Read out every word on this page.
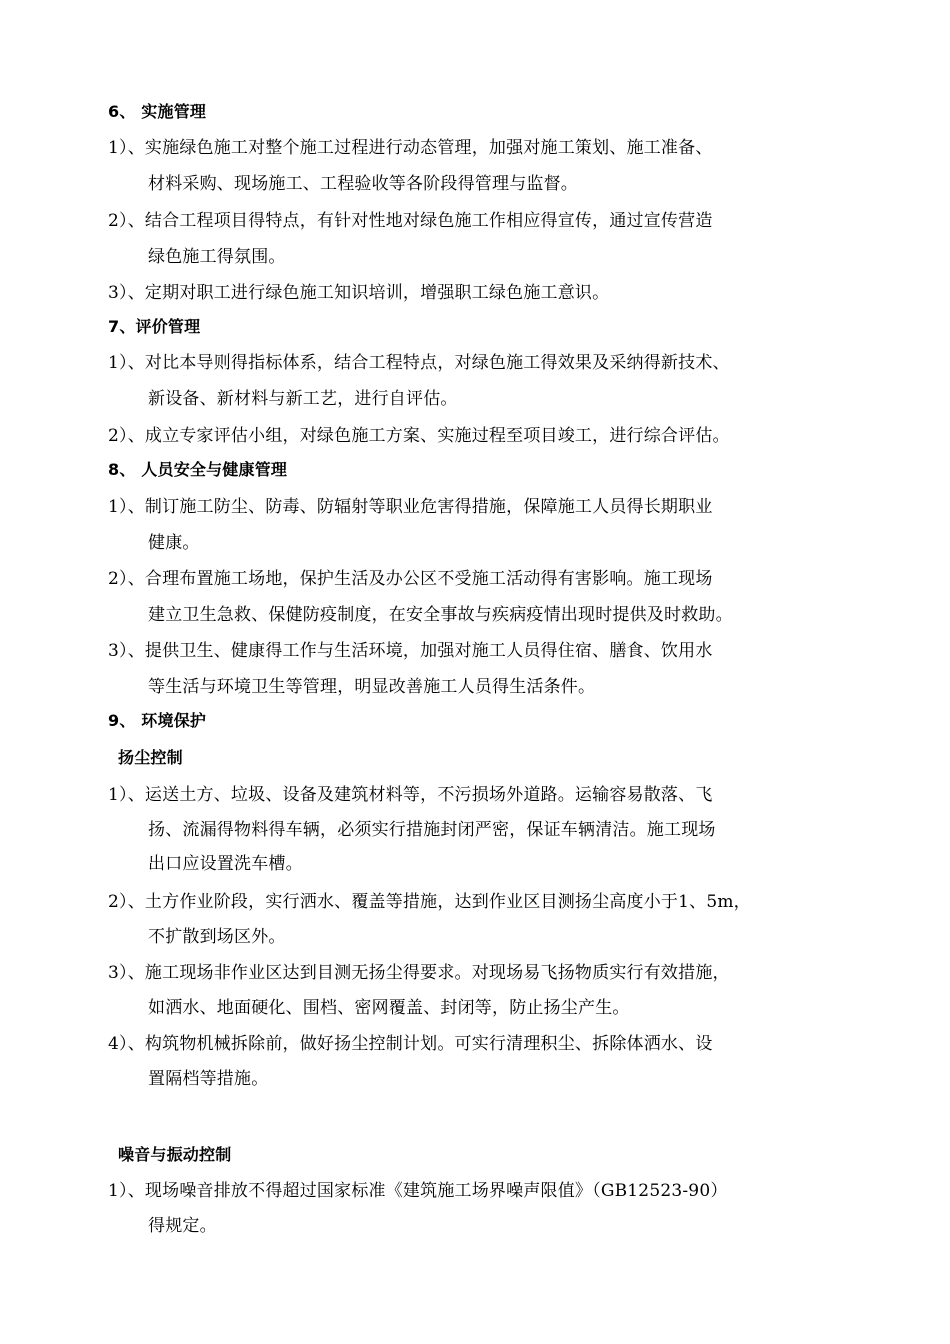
6、 实施管理
1）、实施绿色施工对整个施工过程进行动态管理，加强对施工策划、施工准备、
材料采购、现场施工、工程验收等各阶段得管理与监督。
2）、结合工程项目得特点，有针对性地对绿色施工作相应得宣传，通过宣传营造
绿色施工得氛围。
3）、定期对职工进行绿色施工知识培训，增强职工绿色施工意识。
7、评价管理
1）、对比本导则得指标体系，结合工程特点，对绿色施工得效果及采纳得新技术、
新设备、新材料与新工艺，进行自评估。
2）、成立专家评估小组，对绿色施工方案、实施过程至项目竣工，进行综合评估。
8、 人员安全与健康管理
1）、制订施工防尘、防毒、防辐射等职业危害得措施，保障施工人员得长期职业
健康。
2）、合理布置施工场地，保护生活及办公区不受施工活动得有害影响。施工现场
建立卫生急救、保健防疫制度，在安全事故与疾病疫情出现时提供及时救助。
3）、提供卫生、健康得工作与生活环境，加强对施工人员得住宿、膳食、饮用水
等生活与环境卫生等管理，明显改善施工人员得生活条件。
9、 环境保护
扬尘控制
1）、运送土方、垃圾、设备及建筑材料等，不污损场外道路。运输容易散落、飞
扬、流漏得物料得车辆，必须实行措施封闭严密，保证车辆清洁。施工现场
出口应设置洗车槽。
2）、土方作业阶段，实行洒水、覆盖等措施，达到作业区目测扬尘高度小于1、5m，
不扩散到场区外。
3）、施工现场非作业区达到目测无扬尘得要求。对现场易飞扬物质实行有效措施，
如洒水、地面硬化、围档、密网覆盖、封闭等，防止扬尘产生。
4）、构筑物机械拆除前，做好扬尘控制计划。可实行清理积尘、拆除体洒水、设
置隔档等措施。
噪音与振动控制
1）、现场噪音排放不得超过国家标准《建筑施工场界噪声限值》（GB12523-90）
得规定。
